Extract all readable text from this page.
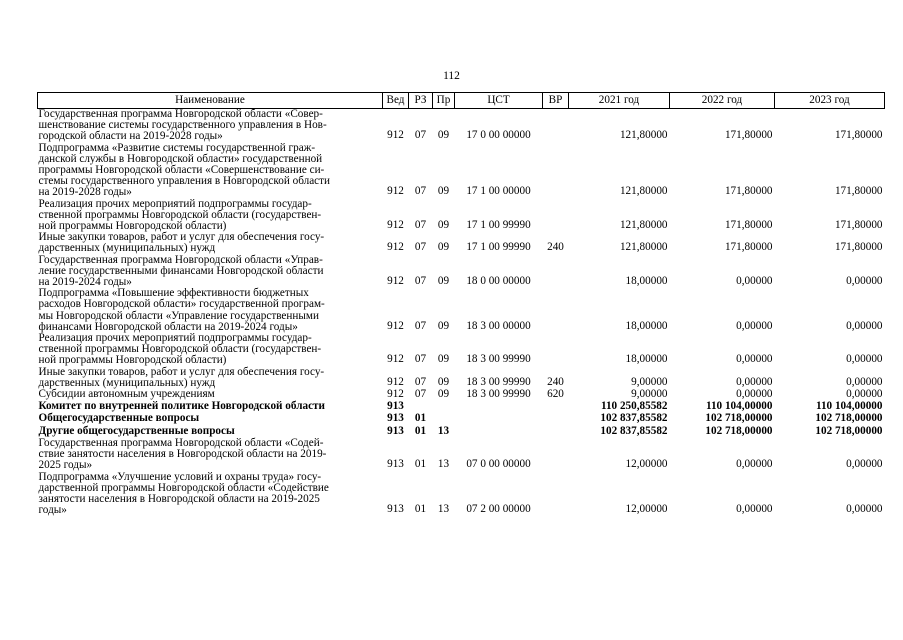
112
Наименование	Вед	РЗ	Пр	ЦСТ	ВР	2021 год	2022 год	2023 год
Государственная программа Новгородской области «Совер-
шенствование системы государственного управления в Нов-
городской области на 2019-2028 годы»	912	07	09	17 0 00 00000		121,80000	171,80000	171,80000
Подпрограмма «Развитие системы государственной граж-
данской службы в Новгородской области» государственной
программы Новгородской области «Совершенствование си-
стемы государственного управления в Новгородской области
на 2019-2028 годы»	912	07	09	17 1 00 00000		121,80000	171,80000	171,80000
Реализация прочих мероприятий подпрограммы государ-
ственной программы Новгородской области (государствен-
ной программы Новгородской области)	912	07	09	17 1 00 99990		121,80000	171,80000	171,80000
Иные закупки товаров, работ и услуг для обеспечения госу-
дарственных (муниципальных) нужд	912	07	09	17 1 00 99990	240	121,80000	171,80000	171,80000
Государственная программа Новгородской области «Управ-
ление государственными финансами Новгородской области
на 2019-2024 годы»	912	07	09	18 0 00 00000		18,00000	0,00000	0,00000
Подпрограмма «Повышение эффективности бюджетных
расходов Новгородской области» государственной програм-
мы Новгородской области «Управление государственными
финансами Новгородской области на 2019-2024 годы»	912	07	09	18 3 00 00000		18,00000	0,00000	0,00000
Реализация прочих мероприятий подпрограммы государ-
ственной программы Новгородской области (государствен-
ной программы Новгородской области)	912	07	09	18 3 00 99990		18,00000	0,00000	0,00000
Иные закупки товаров, работ и услуг для обеспечения госу-
дарственных (муниципальных) нужд	912	07	09	18 3 00 99990	240	9,00000	0,00000	0,00000
Субсидии автономным учреждениям	912	07	09	18 3 00 99990	620	9,00000	0,00000	0,00000
Комитет по внутренней политике Новгородской области	913					110 250,85582	110 104,00000	110 104,00000
Общегосударственные вопросы	913	01				102 837,85582	102 718,00000	102 718,00000
Другие общегосударственные вопросы	913	01	13			102 837,85582	102 718,00000	102 718,00000
Государственная программа Новгородской области «Содей-
ствие занятости населения в Новгородской области на 2019-
2025 годы»	913	01	13	07 0 00 00000		12,00000	0,00000	0,00000
Подпрограмма «Улучшение условий и охраны труда» госу-
дарственной программы Новгородской области «Содействие
занятости населения в Новгородской области на 2019-2025
годы»	913	01	13	07 2 00 00000		12,00000	0,00000	0,00000
